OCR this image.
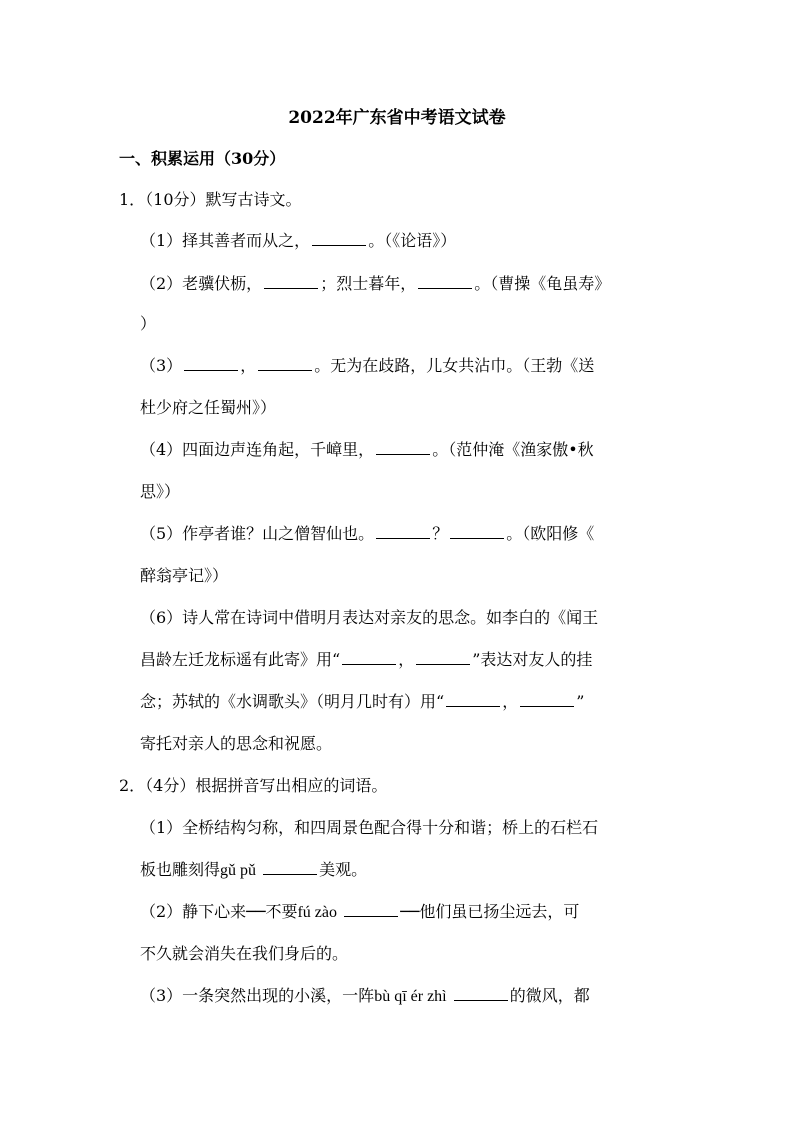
2022年广东省中考语文试卷
一、积累运用（30分）
1．（10分）默写古诗文。
（1）择其善者而从之，	。（《论语》）
（2）老骥伏枥，	；烈士暮年，	。（曹操《龟虽寿》
）
（3）	，	。无为在歧路，儿女共沾巾。（王勃《送
杜少府之任蜀州》）
（4）四面边声连角起，千嶂里，	。（范仲淹《渔家傲•秋
思》）
（5）作亭者谁？山之僧智仙也。	？	。（欧阳修《
醉翁亭记》）
（6）诗人常在诗词中借明月表达对亲友的思念。如李白的《闻王
昌龄左迁龙标遥有此寄》用“	，	”表达对友人的挂
念；苏轼的《水调歌头》（明月几时有）用“	，	”
寄托对亲人的思念和祝愿。
2．（4分）根据拼音写出相应的词语。
（1）全桥结构匀称，和四周景色配合得十分和谐；桥上的石栏石
板也雕刻得gǔ pǔ	美观。
（2）静下心来──不要fú zào	──他们虽已扬尘远去，可
不久就会消失在我们身后的。
（3）一条突然出现的小溪，一阵bù qī ér zhì	的微风，都
